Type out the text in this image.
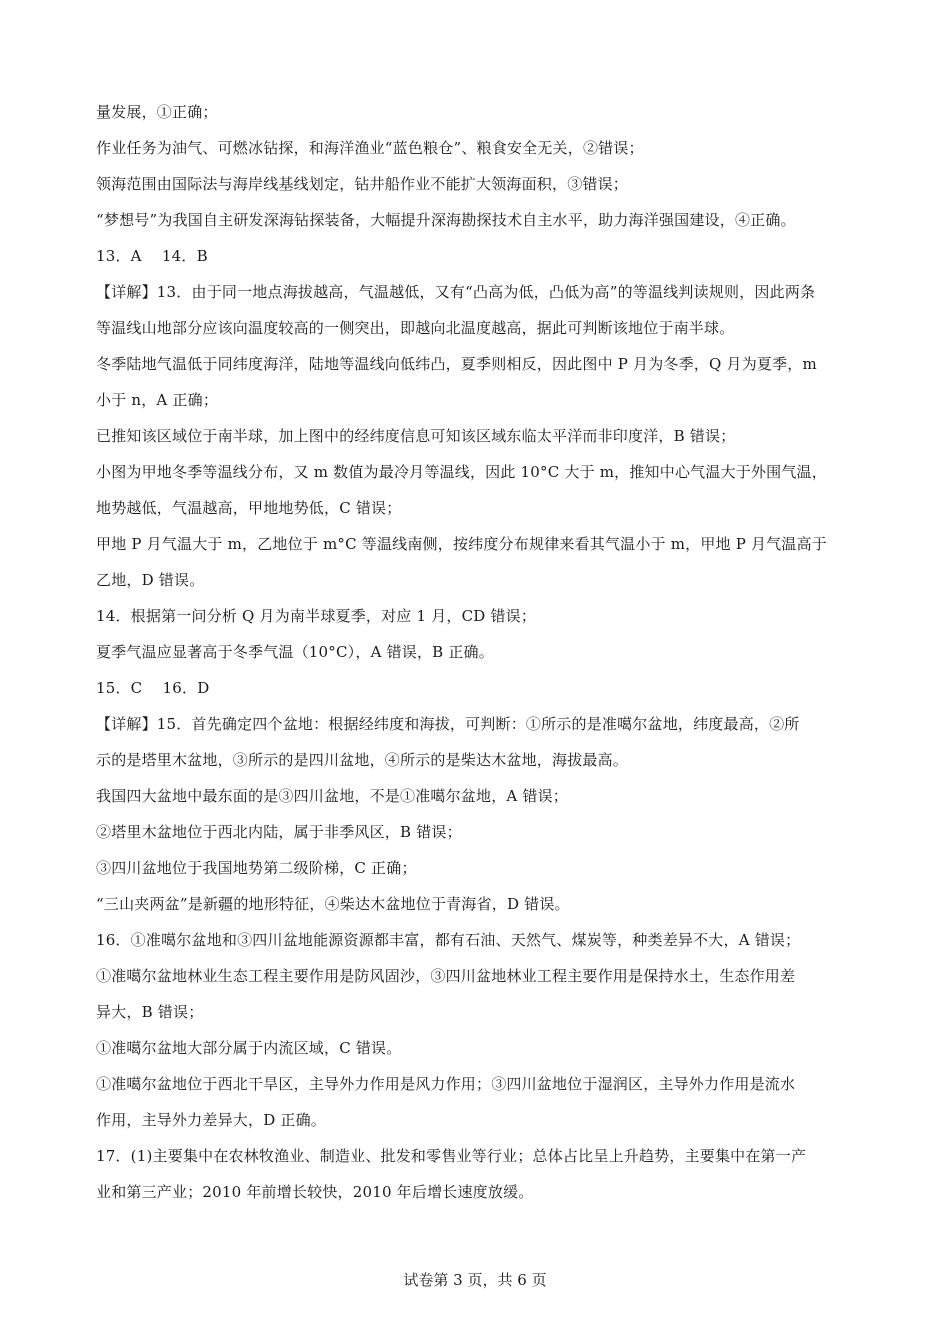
量发展，①正确；
作业任务为油气、可燃冰钻探，和海洋渔业“蓝色粮仓”、粮食安全无关，②错误；
领海范围由国际法与海岸线基线划定，钻井船作业不能扩大领海面积，③错误；
“梦想号”为我国自主研发深海钻探装备，大幅提升深海勘探技术自主水平，助力海洋强国建设，④正确。
13．A　 14．B
【详解】13．由于同一地点海拔越高，气温越低，又有“凸高为低，凸低为高”的等温线判读规则，因此两条
等温线山地部分应该向温度较高的一侧突出，即越向北温度越高，据此可判断该地位于南半球。
冬季陆地气温低于同纬度海洋，陆地等温线向低纬凸，夏季则相反，因此图中 P 月为冬季，Q 月为夏季，m
小于 n，A 正确；
已推知该区域位于南半球，加上图中的经纬度信息可知该区域东临太平洋而非印度洋，B 错误；
小图为甲地冬季等温线分布，又 m 数值为最冷月等温线，因此 10°C 大于 m，推知中心气温大于外围气温，
地势越低，气温越高，甲地地势低，C 错误；
甲地 P 月气温大于 m，乙地位于 m°C 等温线南侧，按纬度分布规律来看其气温小于 m，甲地 P 月气温高于
乙地，D 错误。
14．根据第一问分析 Q 月为南半球夏季，对应 1 月，CD 错误；
夏季气温应显著高于冬季气温（10°C），A 错误，B 正确。
15．C　 16．D
【详解】15．首先确定四个盆地：根据经纬度和海拔，可判断：①所示的是准噶尔盆地，纬度最高，②所
示的是塔里木盆地，③所示的是四川盆地，④所示的是柴达木盆地，海拔最高。
我国四大盆地中最东面的是③四川盆地，不是①准噶尔盆地，A 错误；
②塔里木盆地位于西北内陆，属于非季风区，B 错误；
③四川盆地位于我国地势第二级阶梯，C 正确；
“三山夹两盆”是新疆的地形特征，④柴达木盆地位于青海省，D 错误。
16．①准噶尔盆地和③四川盆地能源资源都丰富，都有石油、天然气、煤炭等，种类差异不大，A 错误；
①准噶尔盆地林业生态工程主要作用是防风固沙，③四川盆地林业工程主要作用是保持水土，生态作用差
异大，B 错误；
①准噶尔盆地大部分属于内流区域，C 错误。
①准噶尔盆地位于西北干旱区，主导外力作用是风力作用；③四川盆地位于湿润区，主导外力作用是流水
作用，主导外力差异大，D 正确。
17．(1)主要集中在农林牧渔业、制造业、批发和零售业等行业；总体占比呈上升趋势，主要集中在第一产
业和第三产业；2010 年前增长较快，2010 年后增长速度放缓。
试卷第 3 页，共 6 页
